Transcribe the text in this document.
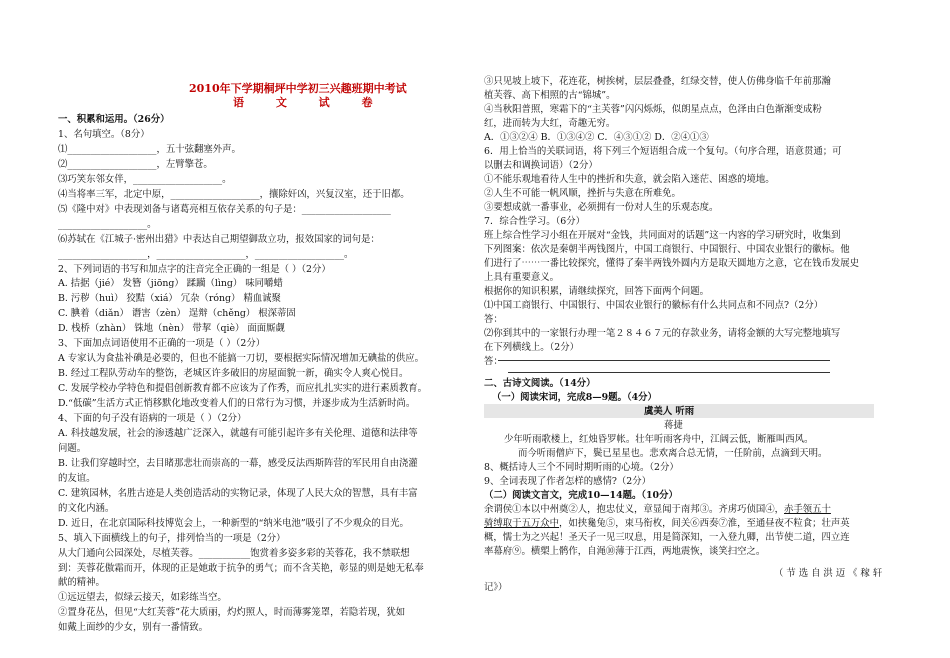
2010年下学期桐坪中学初三兴趣班期中考试
语 文 试 卷
一、积累和运用。（26分）
1、名句填空。（8分）
⑴___________________，五十弦翻塞外声。
⑵___________________，左臂擎苍。
⑶巧笑东邻女伴，___________________。
⑷当将率三军，北定中原，___________________，攘除奸凶，兴复汉室，还于旧都。
⑸《隆中对》中表现刘备与诸葛亮相互依存关系的句子是：___________________
___________________。
⑹苏轼在《江城子·密州出猎》中表达自己期望御敌立功，报效国家的词句是：
___________________，___________________，___________________。
2、下列词语的书写和加点字的注音完全正确的一组是（ ）（2分）
A. 拮据（jié） 发簪（jiōng） 蹂躏（lìng） 味同嚼蜡
B. 污秽（huì） 狡黠（xiá） 冗杂（róng） 精血诚聚
C. 腆着（diǎn） 谮害（zèn） 逞辩（chěng） 根深蒂固
D. 栈桥（zhàn） 铢地（nèn） 带挈（qiè） 面面厮觑
3、下面加点词语使用不正确的一项是（ ）（2分）
A 专家认为食盐补碘是必要的，但也不能搞一刀切，要根据实际情况增加无碘盐的供应。
B. 经过工程队劳动车的整饬，老城区许多破旧的房屋面貌一新，确实令人爽心悦目。
C. 发展学校办学特色和提倡创新教育都不应该为了作秀，而应扎扎实实的进行素质教育。
D.“低碳”生活方式正悄移默化地改变着人们的日常行为习惯，并逐步成为生活新时尚。
4、下面的句子没有语病的一项是（ ）（2分）
A. 科技越发展，社会的渗透越广泛深入，就越有可能引起许多有关伦理、道德和法律等
问题。
B. 让我们穿越时空，去目睹那悲壮而崇高的一幕，感受反法西斯阵营的军民用自由浇灌
的友谊。
C. 建筑园林，名胜古迹是人类创造活动的实物记录，体现了人民大众的智慧，具有丰富
的文化内涵。
D. 近日，在北京国际科技博览会上，一种新型的“纳米电池”吸引了不少观众的目光。
5、填入下面横线上的句子，排列恰当的一项是（2分）
从大门通向公园深处，尽植芙蓉。___________饱赏着多姿多彩的芙蓉花，我不禁联想
到：芙蓉花傲霜而开，体现的正是她敢于抗争的勇气；而不含芙艳，彰显的则是她无私奉
献的精神。
①远远望去，似绿云接天，如彩练当空。
②置身花丛，但见“大红芙蓉”花大质丽，灼灼照人，时而薄雾笼罩，若隐若现，犹如
如戴上面纱的少女，别有一番情致。
③只见坡上坡下，花连花，树挨树，层层叠叠，红绿交替，使人仿佛身临千年前那瀚
植芙蓉、高下相照的古“锦城”。
④当秋阳普照，寒霜下的“主芙蓉”闪闪烁烁，似朗星点点，色泽由白色渐渐变成粉
红，进而转为大红，奇趣无穷。
A．①③②④ B．①③④② C．④③①② D．②④①③
6．用上恰当的关联词语，将下列三个短语组合成一个复句。（句序合理，语意贯通；可
以删去和调换词语）（2分）
①不能乐观地看待人生中的挫折和失意，就会陷入迷茫、困惑的境地。
②人生不可能一帆风顺，挫折与失意在所难免。
③要想成就一番事业，必须拥有一份对人生的乐观态度。
7．综合性学习。（6分）
班上综合性学习小组在开展对“金钱，共同面对的话题”这一内容的学习研究时，收集到
下列图案：依次是秦朝半两钱图片，中国工商银行、中国银行、中国农业银行的徽标。他
们进行了⋯⋯一番比较探究，懂得了秦半两钱外圆内方是取天圆地方之意，它在钱币发展史
上具有重要意义。
根据你的知识积累，请继续探究，回答下面两个问题。
⑴中国工商银行、中国银行、中国农业银行的徽标有什么共同点和不同点?（2分）
答：
⑵你到其中的一家银行办理一笔２８４６７元的存款业务，请将金额的大写完整地填写
在下列横线上。（2分）
答：
二、古诗文阅读。（14分）
（一）阅读宋词，完成8—9题。（4分）
虞美人 听雨
蒋捷
少年听雨歌楼上，红烛昏罗帐。壮年听雨客舟中，江阔云低，断雁叫西风。
而今听雨僧庐下，鬓已星星也。悲欢离合总无情，一任阶前，点滴到天明。
8、概括诗人三个不同时期听雨的心境。（2分）
9、全词表现了作者怎样的感情?（2分）
（二）阅读文言文，完成10—14题。（10分）
余谓侯①本以中州奠②人，抱忠仗义，章显闻于南邦③。齐虏巧侦国④，赤手领五十
骑缚取于五万众中，如挟毚兔⑤，束马衔枚，间关⑥西奏⑦淮，至通昼夜不粒食；壮声英
概，懦士为之兴起！圣天子一见三叹息，用是简深知，一入登九卿，出节使二道，四立连
率幕府⑨。横槊上鹘作，自渑⑩薄于江西，两地震恢，谈笑扫空之。
（ 节 选 自 洪 迈 《 稼 轩
记》）
